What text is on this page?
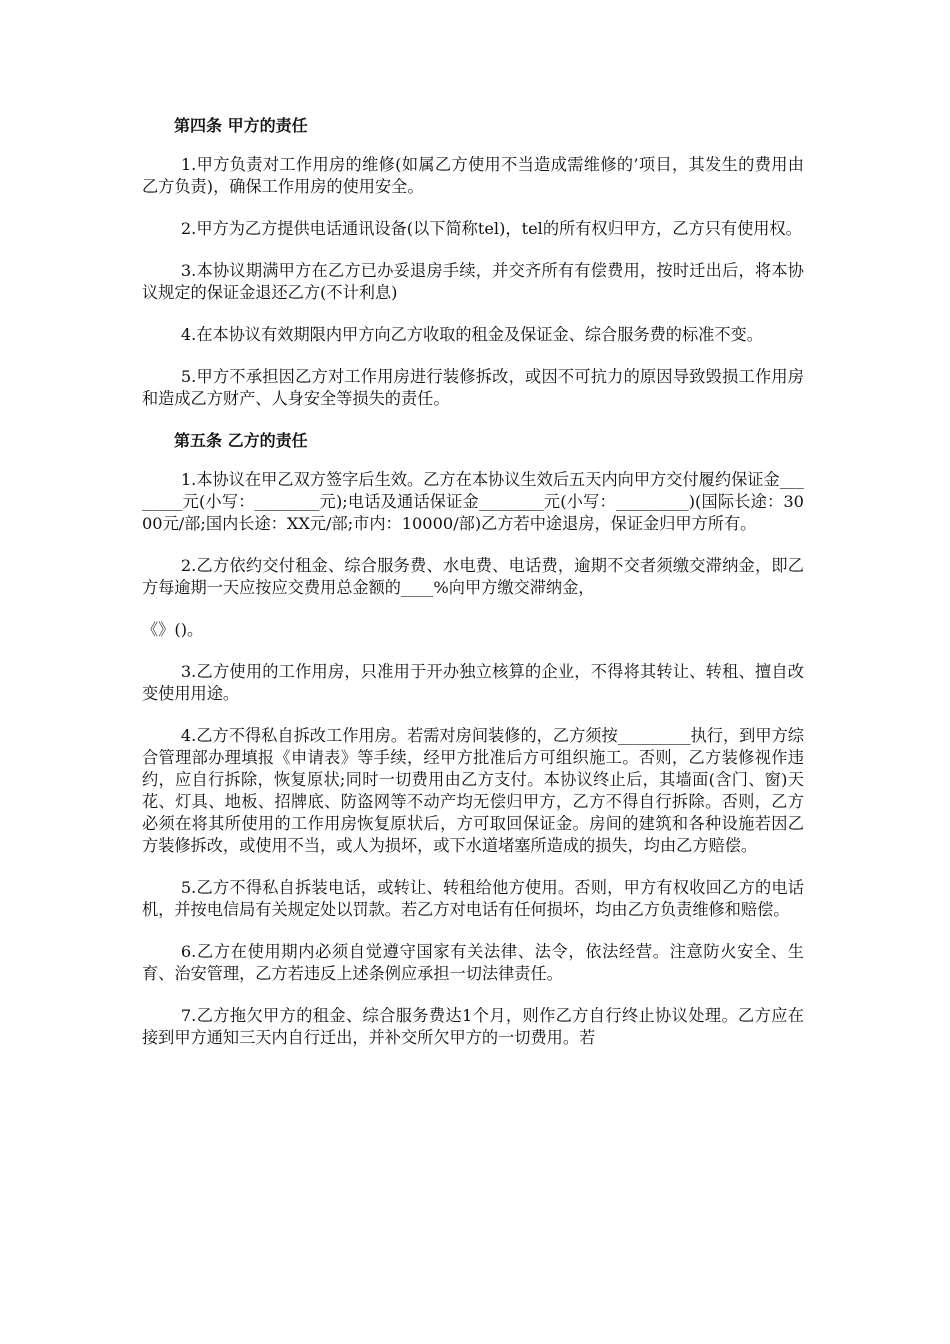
第四条 甲方的责任

1.甲方负责对工作用房的维修(如属乙方使用不当造成需维修的’项目，其发生的费用由乙方负责)，确保工作用房的使用安全。

2.甲方为乙方提供电话通讯设备(以下简称tel)，tel的所有权归甲方，乙方只有使用权。

3.本协议期满甲方在乙方已办妥退房手续，并交齐所有有偿费用，按时迁出后，将本协议规定的保证金退还乙方(不计利息)

4.在本协议有效期限内甲方向乙方收取的租金及保证金、综合服务费的标准不变。

5.甲方不承担因乙方对工作用房进行装修拆改，或因不可抗力的原因导致毁损工作用房和造成乙方财产、人身安全等损失的责任。

第五条 乙方的责任

1.本协议在甲乙双方签字后生效。乙方在本协议生效后五天内向甲方交付履约保证金________元(小写：________元);电话及通话保证金________元(小写：_________)(国际长途：3000元/部;国内长途：XX元/部;市内：10000/部)乙方若中途退房，保证金归甲方所有。

2.乙方依约交付租金、综合服务费、水电费、电话费，逾期不交者须缴交滞纳金，即乙方每逾期一天应按应交费用总金额的____%向甲方缴交滞纳金，

《》()。

3.乙方使用的工作用房，只准用于开办独立核算的企业，不得将其转让、转租、擅自改变使用用途。

4.乙方不得私自拆改工作用房。若需对房间装修的，乙方须按_________执行，到甲方综合管理部办理填报《申请表》等手续，经甲方批准后方可组织施工。否则，乙方装修视作违约，应自行拆除，恢复原状;同时一切费用由乙方支付。本协议终止后，其墙面(含门、窗)天花、灯具、地板、招牌底、防盗网等不动产均无偿归甲方，乙方不得自行拆除。否则，乙方必须在将其所使用的工作用房恢复原状后，方可取回保证金。房间的建筑和各种设施若因乙方装修拆改，或使用不当，或人为损坏，或下水道堵塞所造成的损失，均由乙方赔偿。

5.乙方不得私自拆装电话，或转让、转租给他方使用。否则，甲方有权收回乙方的电话机，并按电信局有关规定处以罚款。若乙方对电话有任何损坏，均由乙方负责维修和赔偿。

6.乙方在使用期内必须自觉遵守国家有关法律、法令，依法经营。注意防火安全、生育、治安管理，乙方若违反上述条例应承担一切法律责任。

7.乙方拖欠甲方的租金、综合服务费达1个月，则作乙方自行终止协议处理。乙方应在接到甲方通知三天内自行迁出，并补交所欠甲方的一切费用。若
